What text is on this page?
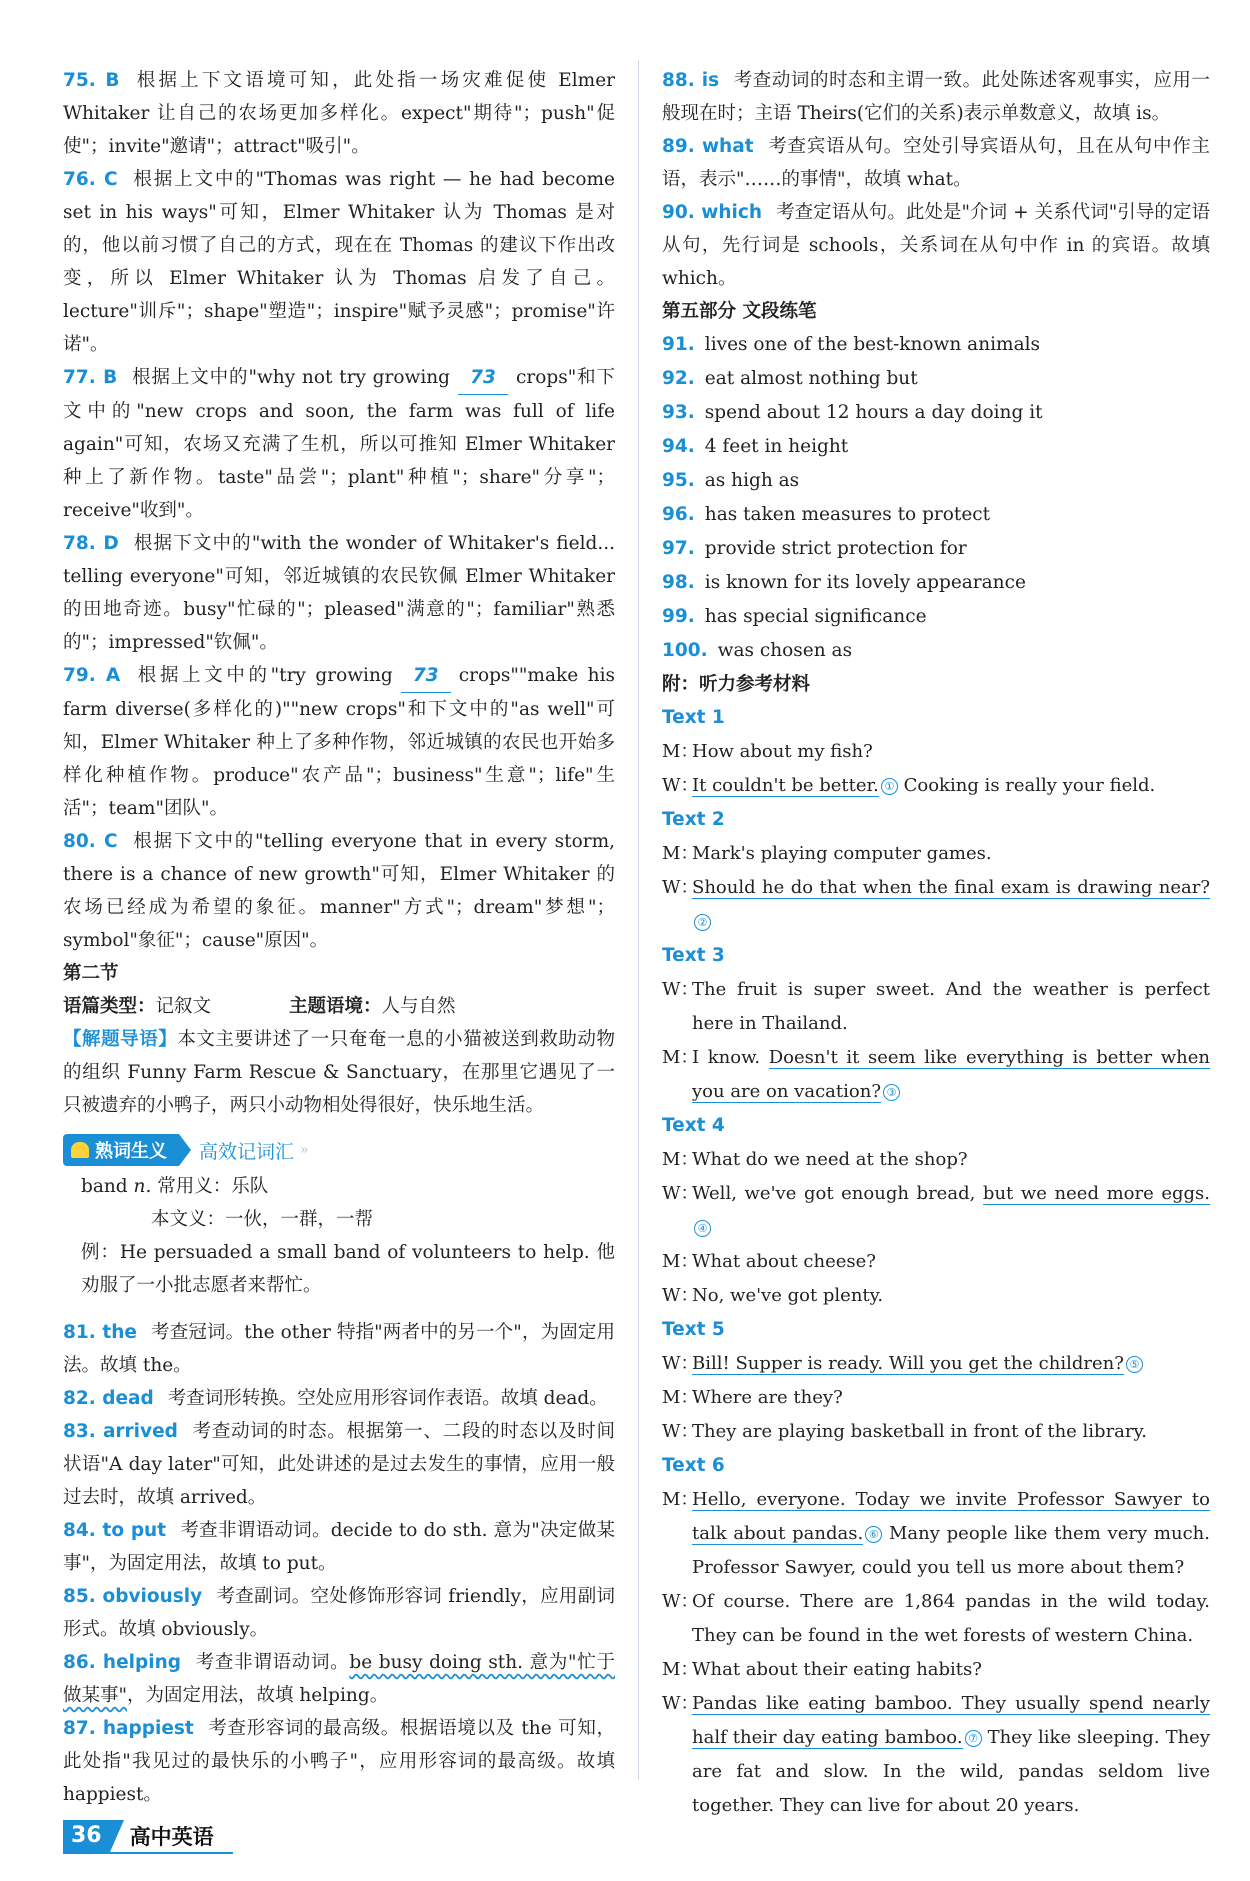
75. B 根据上下文语境可知，此处指一场灾难促使 Elmer Whitaker 让自己的农场更加多样化。expect"期待"；push"促使"；invite"邀请"；attract"吸引"。

76. C 根据上文中的"Thomas was right — he had become set in his ways"可知，Elmer Whitaker 认为 Thomas 是对的，他以前习惯了自己的方式，现在在 Thomas 的建议下作出改变，所以 Elmer Whitaker 认为 Thomas 启发了自己。lecture"训斥"；shape"塑造"；inspire"赋予灵感"；promise"许诺"。

77. B 根据上文中的"why not try growing 73 crops"和下文中的"new crops and soon, the farm was full of life again"可知，农场又充满了生机，所以可推知 Elmer Whitaker 种上了新作物。taste"品尝"；plant"种植"；share"分享"；receive"收到"。

78. D 根据下文中的"with the wonder of Whitaker's field... telling everyone"可知，邻近城镇的农民钦佩 Elmer Whitaker 的田地奇迹。busy"忙碌的"；pleased"满意的"；familiar"熟悉的"；impressed"钦佩"。

79. A 根据上文中的"try growing 73 crops""make his farm diverse(多样化的)""new crops"和下文中的"as well"可知，Elmer Whitaker 种上了多种作物，邻近城镇的农民也开始多样化种植作物。produce"农产品"；business"生意"；life"生活"；team"团队"。

80. C 根据下文中的"telling everyone that in every storm, there is a chance of new growth"可知，Elmer Whitaker 的农场已经成为希望的象征。manner"方式"；dream"梦想"；symbol"象征"；cause"原因"。

第二节

语篇类型：记叙文	主题语境：人与自然

【解题导语】本文主要讲述了一只奄奄一息的小猫被送到救助动物的组织 Funny Farm Rescue & Sanctuary，在那里它遇见了一只被遗弃的小鸭子，两只小动物相处得很好，快乐地生活。

熟词生义 高效记词汇 »
band n. 常用义：乐队
本文义：一伙，一群，一帮

例：He persuaded a small band of volunteers to help. 他劝服了一小批志愿者来帮忙。

81. the 考查冠词。the other 特指"两者中的另一个"，为固定用法。故填 the。

82. dead 考查词形转换。空处应用形容词作表语。故填 dead。

83. arrived 考查动词的时态。根据第一、二段的时态以及时间状语"A day later"可知，此处讲述的是过去发生的事情，应用一般过去时，故填 arrived。

84. to put 考查非谓语动词。decide to do sth. 意为"决定做某事"，为固定用法，故填 to put。

85. obviously 考查副词。空处修饰形容词 friendly，应用副词形式。故填 obviously。

86. helping 考查非谓语动词。be busy doing sth. 意为"忙于做某事"，为固定用法，故填 helping。

87. happiest 考查形容词的最高级。根据语境以及 the 可知，此处指"我见过的最快乐的小鸭子"，应用形容词的最高级。故填 happiest。

88. is 考查动词的时态和主谓一致。此处陈述客观事实，应用一般现在时；主语 Theirs(它们的关系)表示单数意义，故填 is。

89. what 考查宾语从句。空处引导宾语从句，且在从句中作主语，表示"……的事情"，故填 what。

90. which 考查定语从句。此处是"介词 + 关系代词"引导的定语从句，先行词是 schools，关系词在从句中作 in 的宾语。故填 which。

第五部分 文段练笔

91. lives one of the best-known animals

92. eat almost nothing but

93. spend about 12 hours a day doing it

94. 4 feet in height

95. as high as

96. has taken measures to protect

97. provide strict protection for

98. is known for its lovely appearance

99. has special significance

100. was chosen as

附：听力参考材料

Text 1

M：
How about my fish?
W：
It couldn't be better. ① Cooking is really your field.

Text 2

M：
Mark's playing computer games.
W：
Should he do that when the final exam is drawing near?②

Text 3

W：
The fruit is super sweet. And the weather is perfect here in Thailand.
M：
I know. Doesn't it seem like everything is better when you are on vacation? ③

Text 4

M：
What do we need at the shop?
W：
Well, we've got enough bread, but we need more eggs.④
M：
What about cheese?
W：
No, we've got plenty.

Text 5

W：
Bill! Supper is ready. Will you get the children? ⑤
M：
Where are they?
W：
They are playing basketball in front of the library.

Text 6

M：
Hello, everyone. Today we invite Professor Sawyer to talk about pandas. ⑥ Many people like them very much. Professor Sawyer, could you tell us more about them?
W：
Of course. There are 1,864 pandas in the wild today. They can be found in the wet forests of western China.
M：
What about their eating habits?
W：
Pandas like eating bamboo. They usually spend nearly half their day eating bamboo. ⑦ They like sleeping. They are fat and slow. In the wild, pandas seldom live together. They can live for about 20 years.
36	高中英语
